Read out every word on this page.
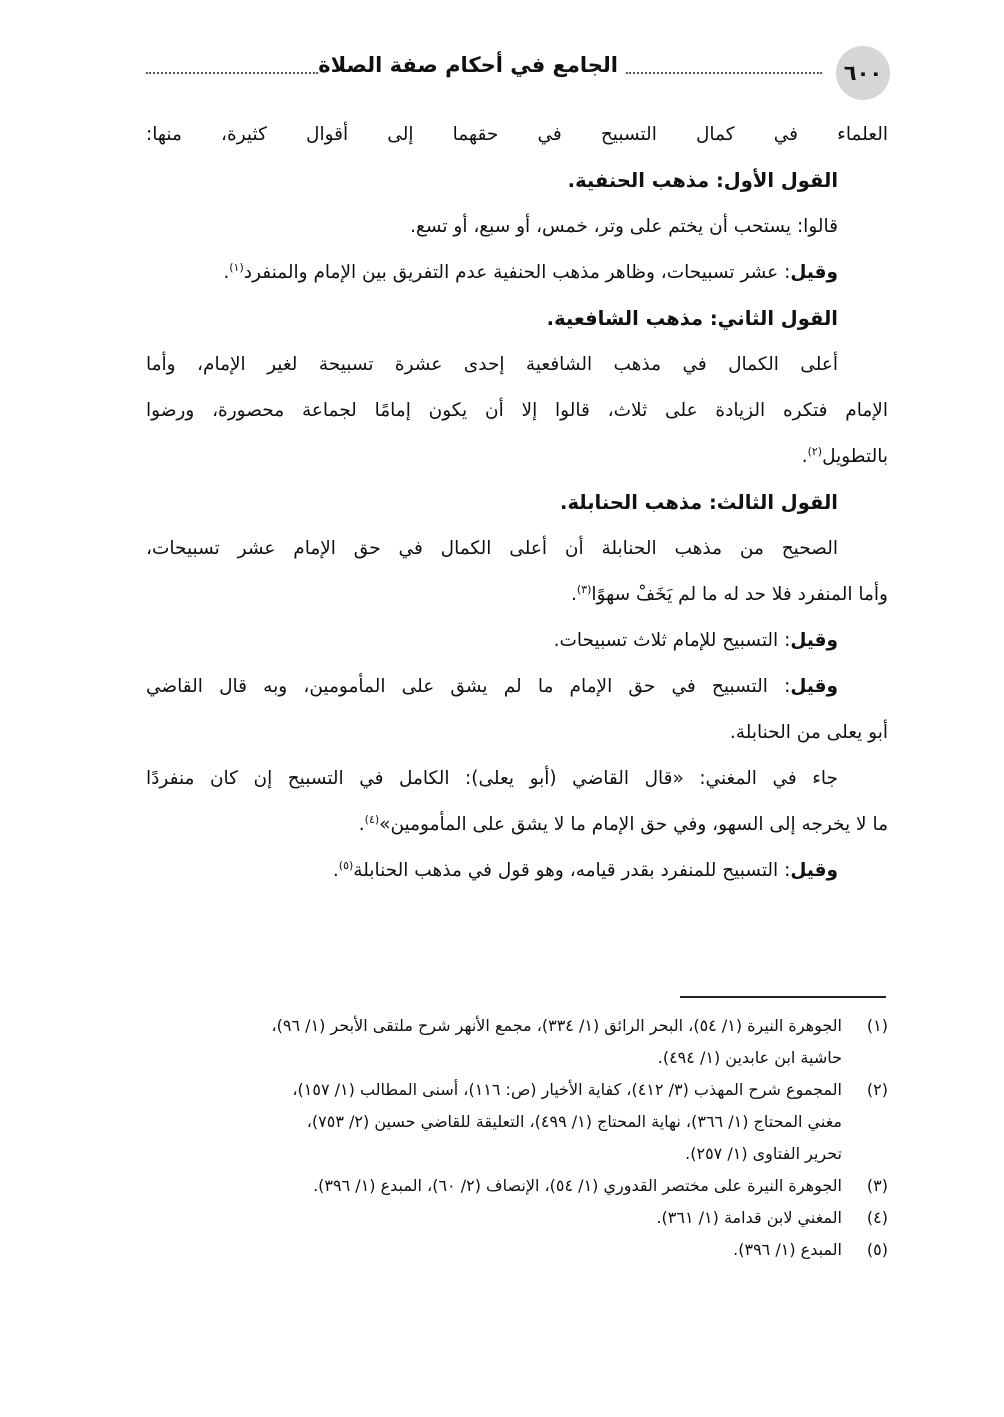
٦٠٠
الجامع في أحكام صفة الصلاة
العلماء في كمال التسبيح في حقهما إلى أقوال كثيرة، منها:
القول الأول: مذهب الحنفية.
قالوا: يستحب أن يختم على وتر، خمس، أو سبع، أو تسع.
وقيل: عشر تسبيحات، وظاهر مذهب الحنفية عدم التفريق بين الإمام والمنفرد$^{(١)}$.
القول الثاني: مذهب الشافعية.
أعلى الكمال في مذهب الشافعية إحدى عشرة تسبيحة لغير الإمام، وأما
الإمام فتكره الزيادة على ثلاث، قالوا إلا أن يكون إمامًا لجماعة محصورة، ورضوا
بالتطويل$^{(٢)}$.
القول الثالث: مذهب الحنابلة.
الصحيح من مذهب الحنابلة أن أعلى الكمال في حق الإمام عشر تسبيحات،
وأما المنفرد فلا حد له ما لم يَخَفْ سهوًا$^{(٣)}$.
وقيل: التسبيح للإمام ثلاث تسبيحات.
وقيل: التسبيح في حق الإمام ما لم يشق على المأمومين، وبه قال القاضي
أبو يعلى من الحنابلة.
جاء في المغني: «قال القاضي (أبو يعلى): الكامل في التسبيح إن كان منفردًا
ما لا يخرجه إلى السهو، وفي حق الإمام ما لا يشق على المأمومين»$^{(٤)}$.
وقيل: التسبيح للمنفرد بقدر قيامه، وهو قول في مذهب الحنابلة$^{(٥)}$.
(١)
الجوهرة النيرة (١/ ٥٤)، البحر الرائق (١/ ٣٣٤)، مجمع الأنهر شرح ملتقى الأبحر (١/ ٩٦)،
حاشية ابن عابدين (١/ ٤٩٤).
(٢)
المجموع شرح المهذب (٣/ ٤١٢)، كفاية الأخيار (ص: ١١٦)، أسنى المطالب (١/ ١٥٧)،
مغني المحتاج (١/ ٣٦٦)، نهاية المحتاج (١/ ٤٩٩)، التعليقة للقاضي حسين (٢/ ٧٥٣)،
تحرير الفتاوى (١/ ٢٥٧).
(٣)
الجوهرة النيرة على مختصر القدوري (١/ ٥٤)، الإنصاف (٢/ ٦٠)، المبدع (١/ ٣٩٦).
(٤)
المغني لابن قدامة (١/ ٣٦١).
(٥)
المبدع (١/ ٣٩٦).
